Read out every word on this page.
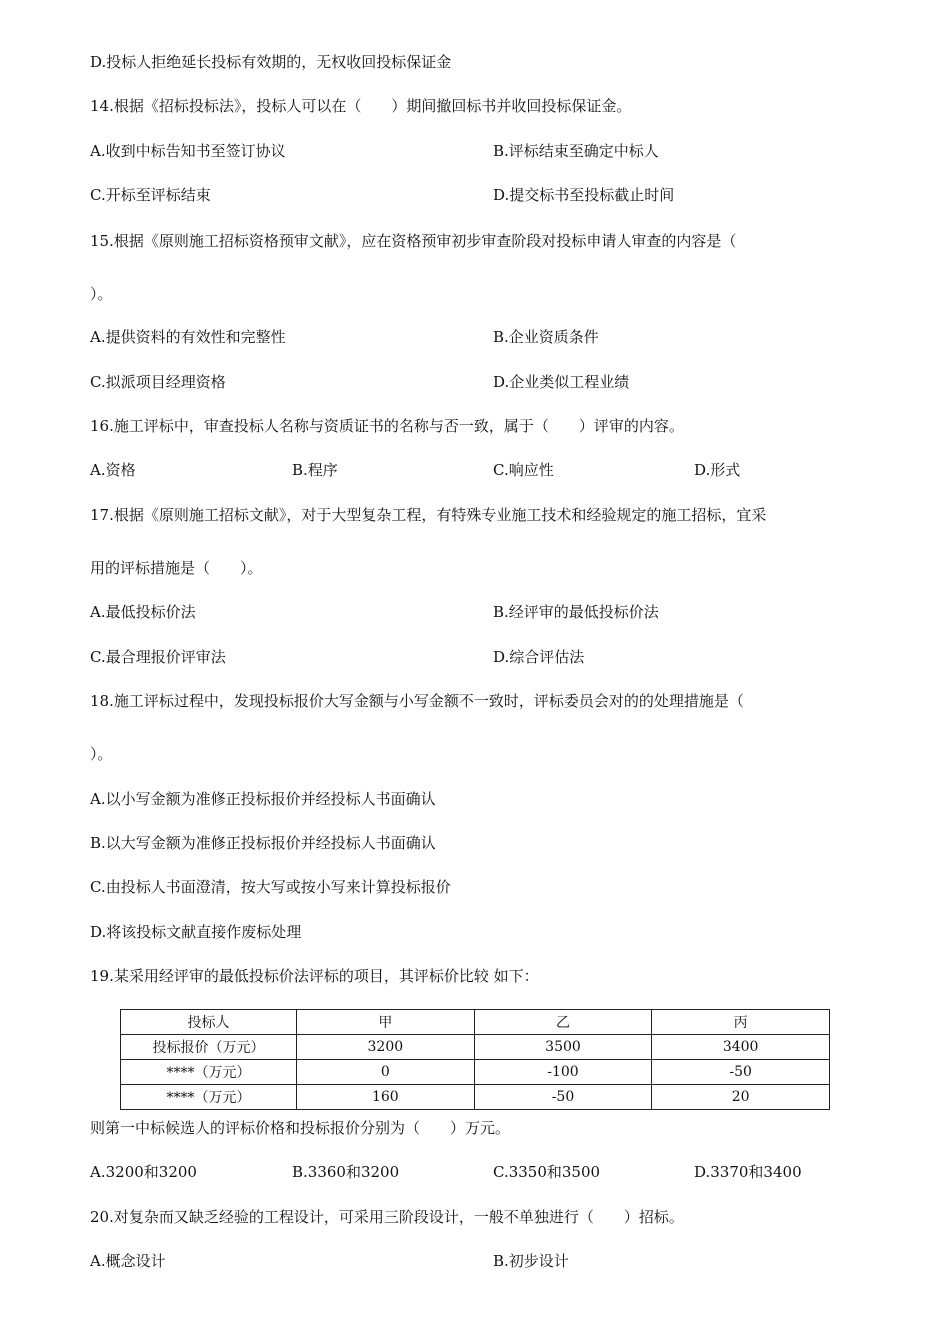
D.投标人拒绝延长投标有效期的，无权收回投标保证金
14.根据《招标投标法》，投标人可以在（　　）期间撤回标书并收回投标保证金。
A.收到中标告知书至签订协议	B.评标结束至确定中标人
C.开标至评标结束	D.提交标书至投标截止时间
15.根据《原则施工招标资格预审文献》，应在资格预审初步审查阶段对投标申请人审查的内容是（
）。
A.提供资料的有效性和完整性	B.企业资质条件
C.拟派项目经理资格	D.企业类似工程业绩
16.施工评标中，审查投标人名称与资质证书的名称与否一致，属于（　　）评审的内容。
A.资格	B.程序	C.响应性	D.形式
17.根据《原则施工招标文献》，对于大型复杂工程，有特殊专业施工技术和经验规定的施工招标，宜采
用的评标措施是（　　）。
A.最低投标价法	B.经评审的最低投标价法
C.最合理报价评审法	D.综合评估法
18.施工评标过程中，发现投标报价大写金额与小写金额不一致时，评标委员会对的的处理措施是（
）。
A.以小写金额为准修正投标报价并经投标人书面确认
B.以大写金额为准修正投标报价并经投标人书面确认
C.由投标人书面澄清，按大写或按小写来计算投标报价
D.将该投标文献直接作废标处理
19.某采用经评审的最低投标价法评标的项目，其评标价比较 如下：
投标人	甲	乙	丙
投标报价（万元）	3200	3500	3400
****（万元）	0	-100	-50
****（万元）	160	-50	20
则第一中标候选人的评标价格和投标报价分别为（　　）万元。
A.3200和3200	B.3360和3200	C.3350和3500	D.3370和3400
20.对复杂而又缺乏经验的工程设计，可采用三阶段设计，一般不单独进行（　　）招标。
A.概念设计	B.初步设计
